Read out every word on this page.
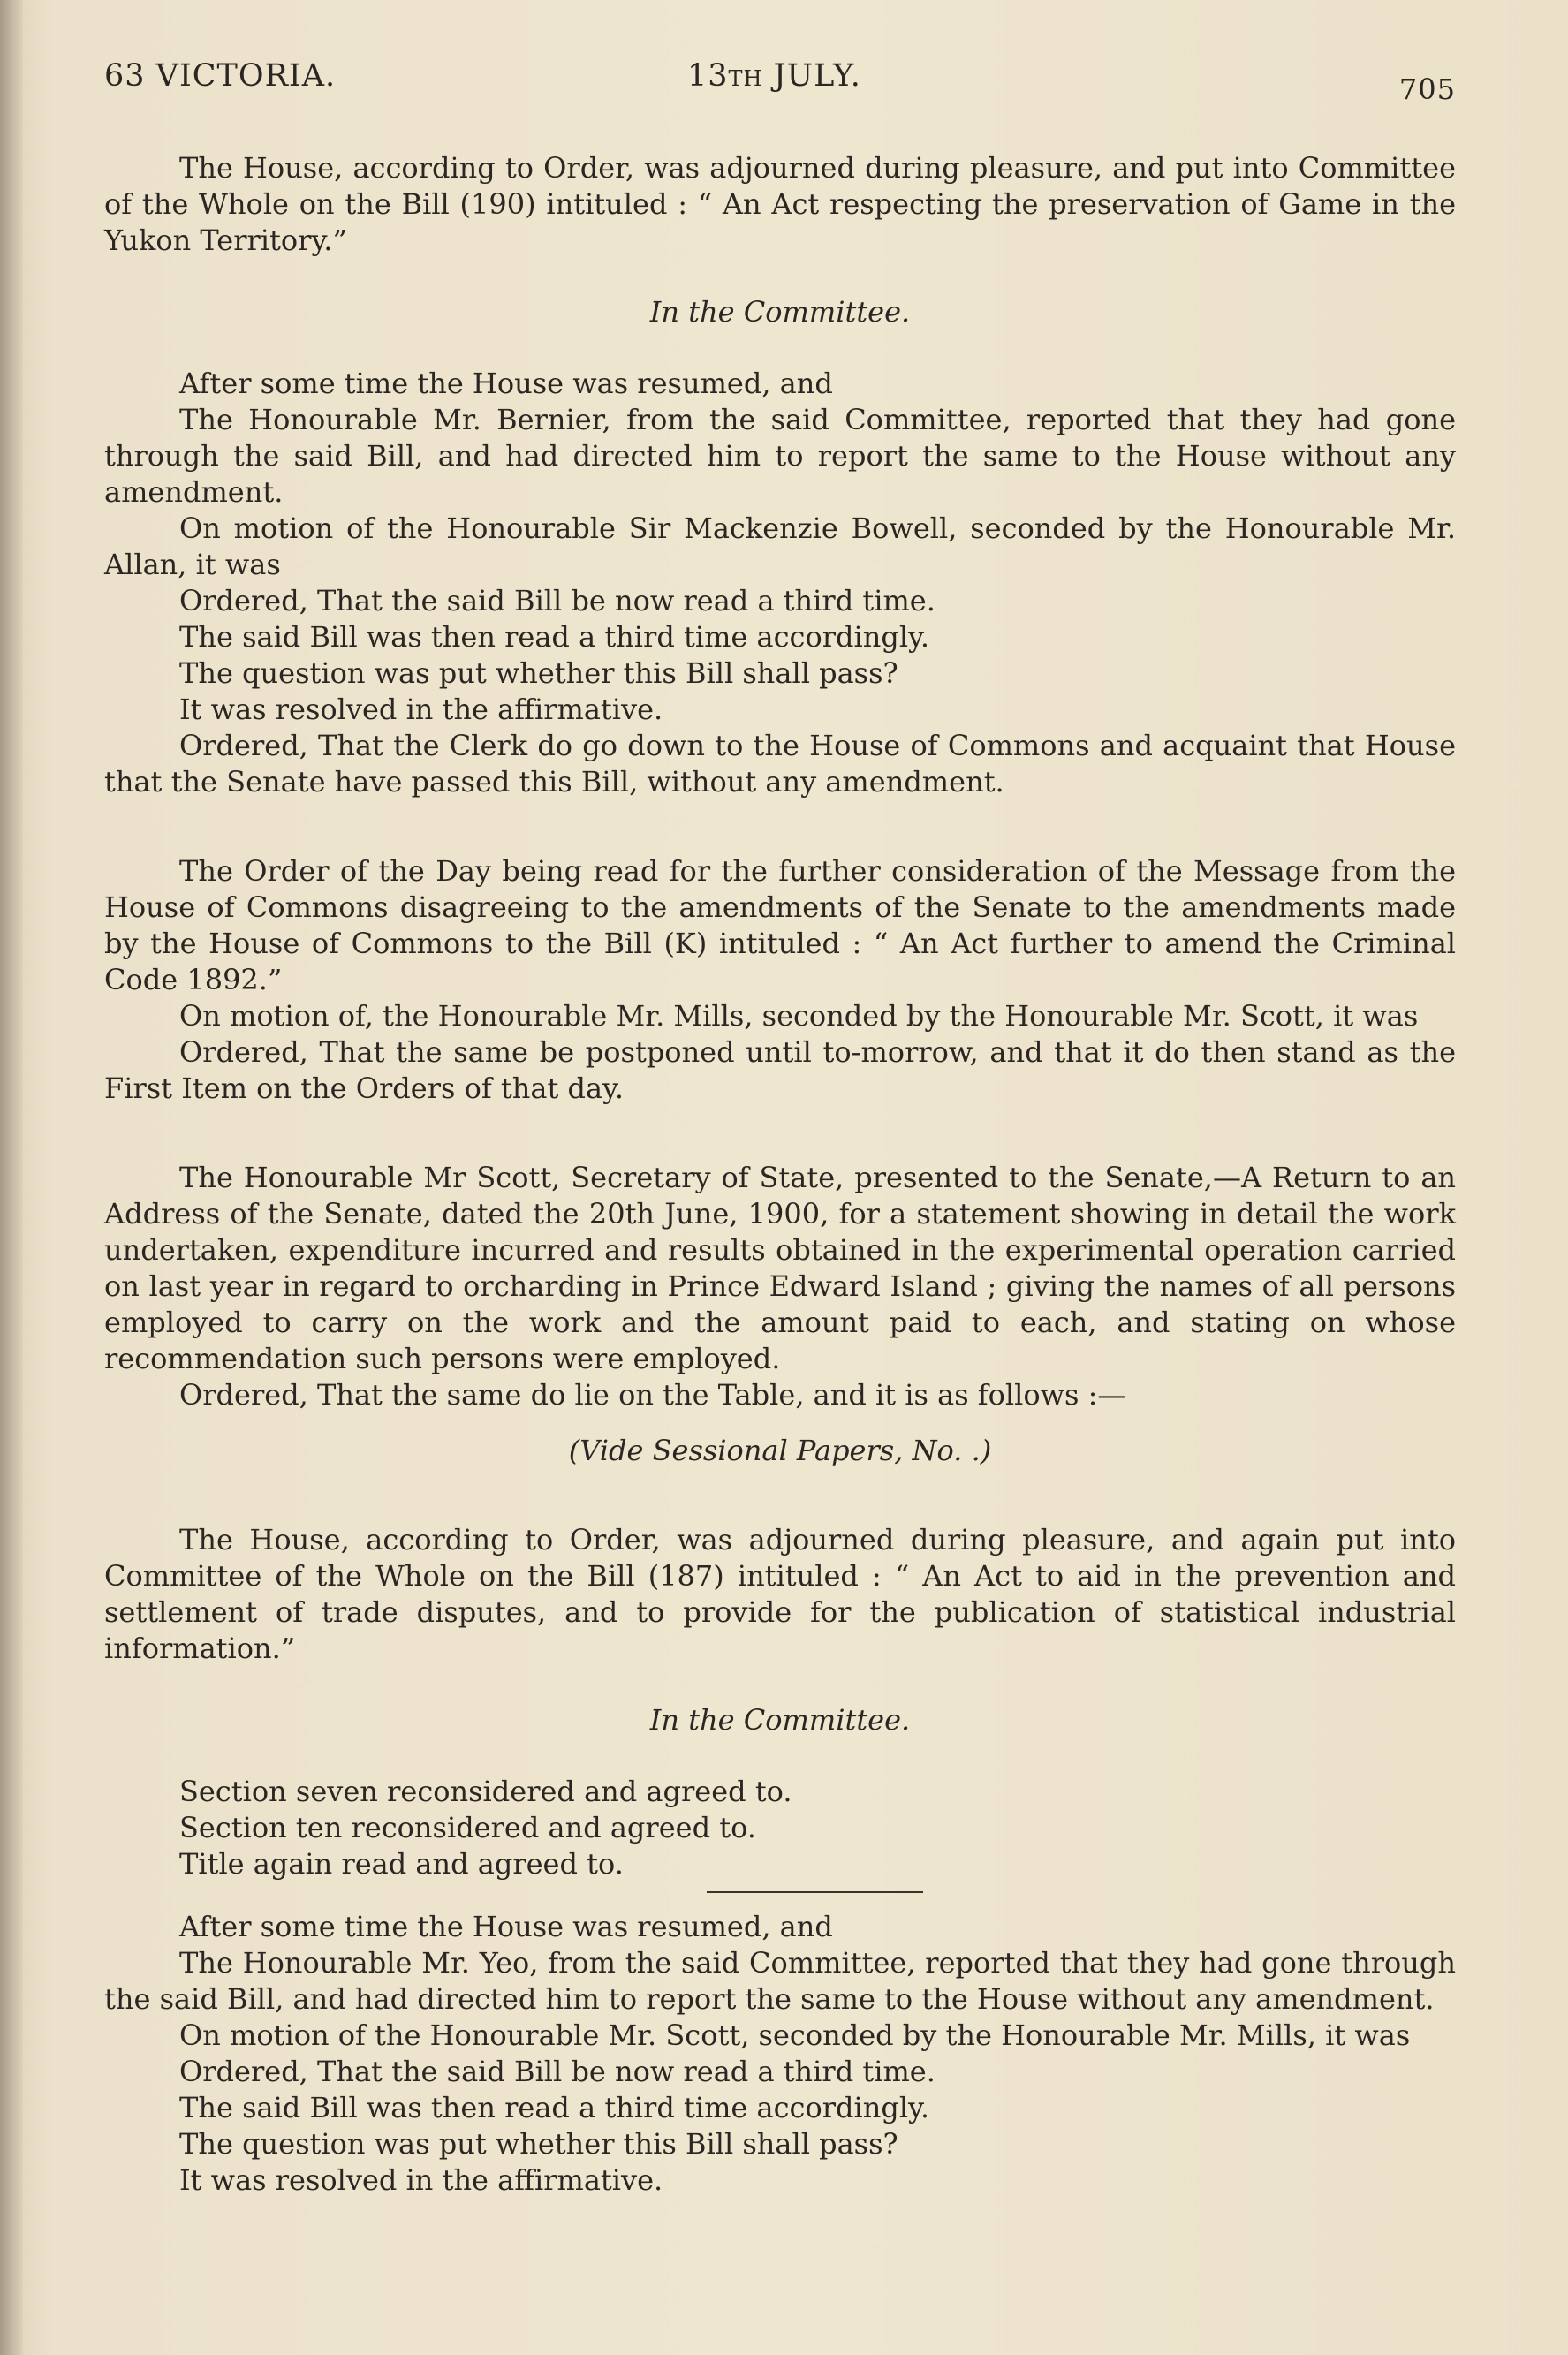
63 VICTORIA.	13TH JULY.	705

The House, according to Order, was adjourned during pleasure, and put into Committee of the Whole on the Bill (190) intituled : “ An Act respecting the preservation of Game in the Yukon Territory.”

In the Committee.

After some time the House was resumed, and

The Honourable Mr. Bernier, from the said Committee, reported that they had gone through the said Bill, and had directed him to report the same to the House without any amendment.

On motion of the Honourable Sir Mackenzie Bowell, seconded by the Honourable Mr. Allan, it was

Ordered, That the said Bill be now read a third time.

The said Bill was then read a third time accordingly.

The question was put whether this Bill shall pass?

It was resolved in the affirmative.

Ordered, That the Clerk do go down to the House of Commons and acquaint that House that the Senate have passed this Bill, without any amendment.

The Order of the Day being read for the further consideration of the Message from the House of Commons disagreeing to the amendments of the Senate to the amendments made by the House of Commons to the Bill (K) intituled : “ An Act further to amend the Criminal Code 1892.”

On motion of, the Honourable Mr. Mills, seconded by the Honourable Mr. Scott, it was

Ordered, That the same be postponed until to-morrow, and that it do then stand as the First Item on the Orders of that day.

The Honourable Mr Scott, Secretary of State, presented to the Senate,—A Return to an Address of the Senate, dated the 20th June, 1900, for a statement showing in detail the work undertaken, expenditure incurred and results obtained in the experimental operation carried on last year in regard to orcharding in Prince Edward Island ; giving the names of all persons employed to carry on the work and the amount paid to each, and stating on whose recommendation such persons were employed.

Ordered, That the same do lie on the Table, and it is as follows :—

(Vide Sessional Papers, No. .)

The House, according to Order, was adjourned during pleasure, and again put into Committee of the Whole on the Bill (187) intituled : “ An Act to aid in the prevention and settlement of trade disputes, and to provide for the publication of statistical industrial information.”

In the Committee.

Section seven reconsidered and agreed to.

Section ten reconsidered and agreed to.

Title again read and agreed to.

After some time the House was resumed, and

The Honourable Mr. Yeo, from the said Committee, reported that they had gone through the said Bill, and had directed him to report the same to the House without any amendment.

On motion of the Honourable Mr. Scott, seconded by the Honourable Mr. Mills, it was

Ordered, That the said Bill be now read a third time.

The said Bill was then read a third time accordingly.

The question was put whether this Bill shall pass?

It was resolved in the affirmative.
